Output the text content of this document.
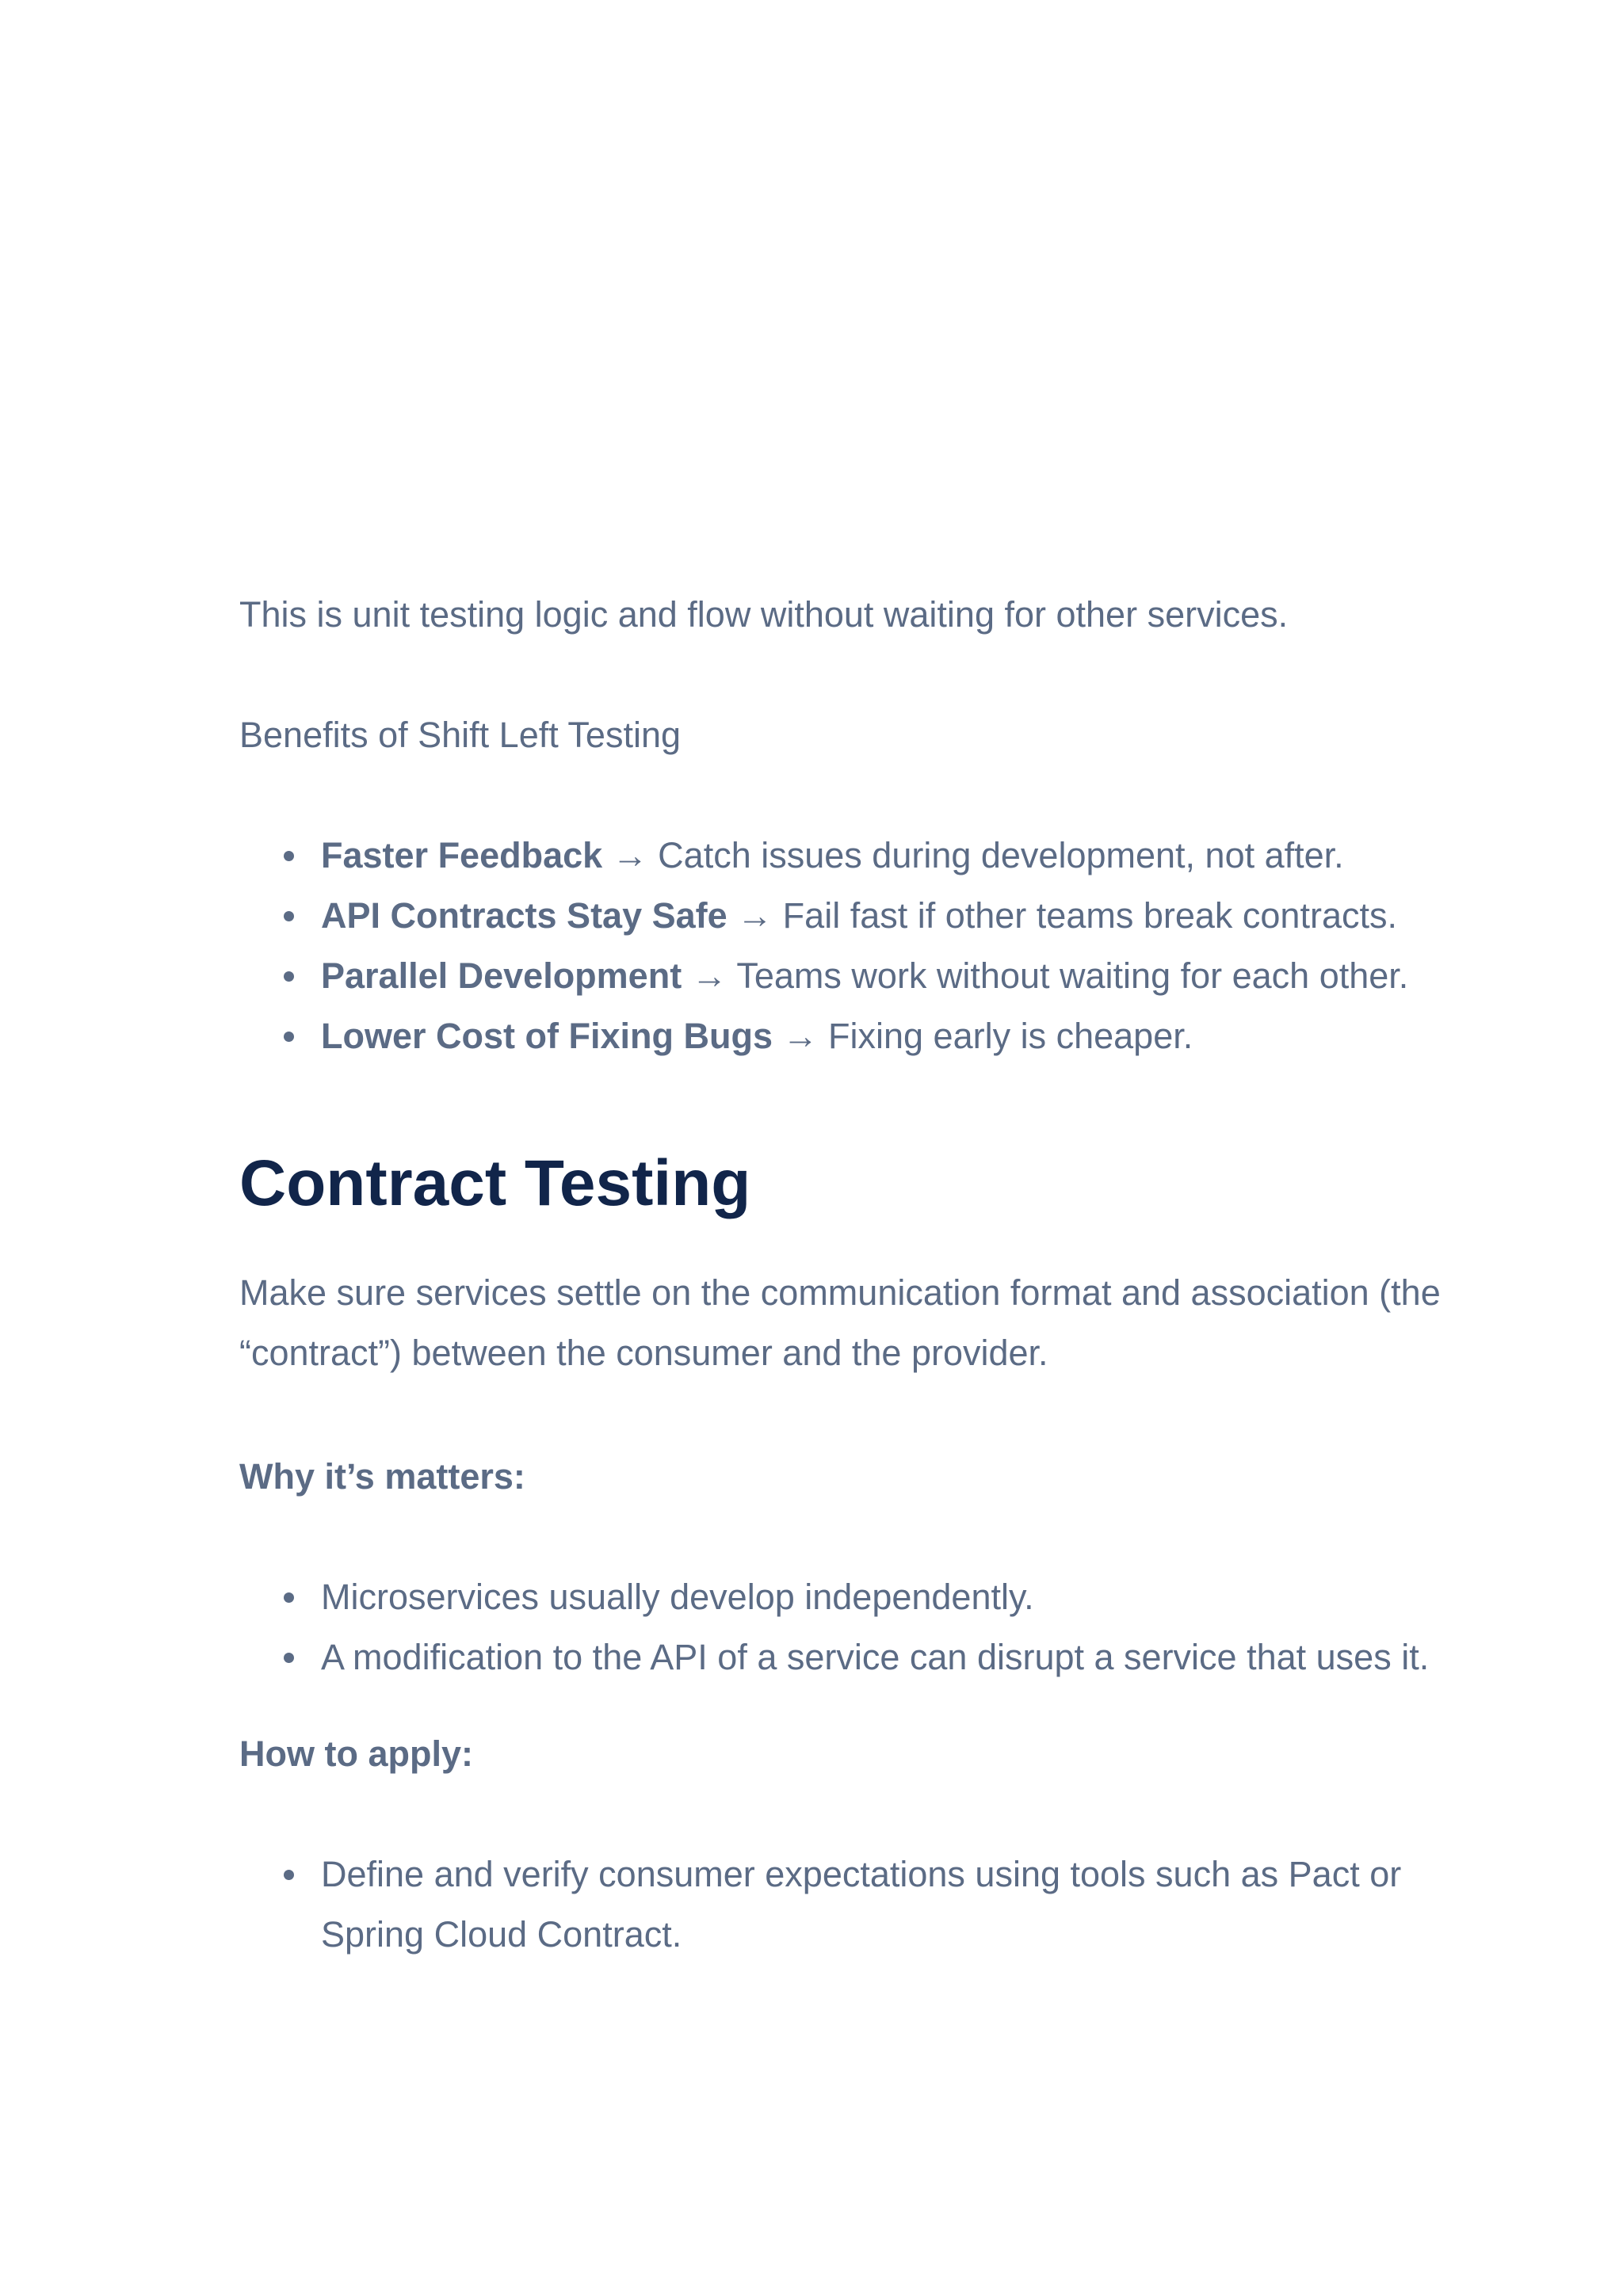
This is unit testing logic and flow without waiting for other services.

Benefits of Shift Left Testing

Faster Feedback → Catch issues during development, not after.
API Contracts Stay Safe → Fail fast if other teams break contracts.
Parallel Development → Teams work without waiting for each other.
Lower Cost of Fixing Bugs → Fixing early is cheaper.
Contract Testing

Make sure services settle on the communication format and association (the “contract”) between the consumer and the provider.

Why it’s matters:

Microservices usually develop independently.
A modification to the API of a service can disrupt a service that uses it.

How to apply:

Define and verify consumer expectations using tools such as Pact or Spring Cloud Contract.
